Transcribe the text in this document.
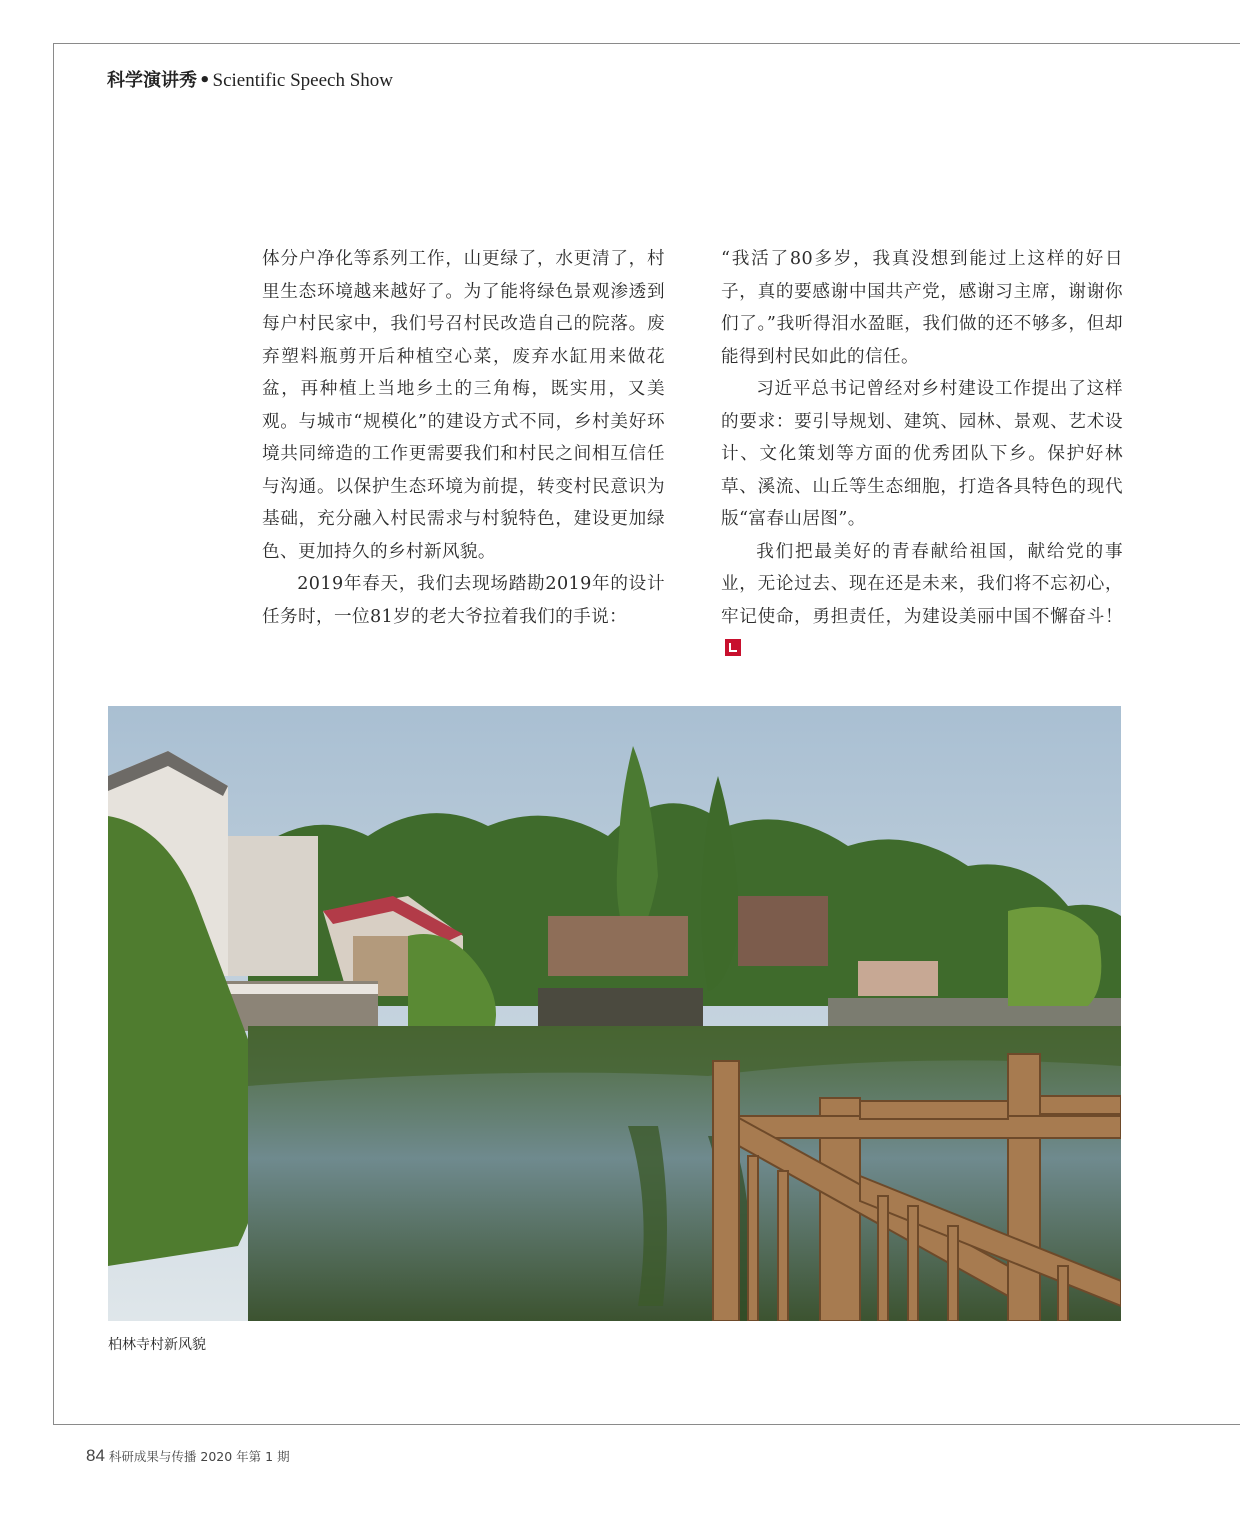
科学演讲秀 • Scientific Speech Show

体分户净化等系列工作，山更绿了，水更清了，村里生态环境越来越好了。为了能将绿色景观渗透到每户村民家中，我们号召村民改造自己的院落。废弃塑料瓶剪开后种植空心菜，废弃水缸用来做花盆，再种植上当地乡土的三角梅，既实用，又美观。与城市“规模化”的建设方式不同，乡村美好环境共同缔造的工作更需要我们和村民之间相互信任与沟通。以保护生态环境为前提，转变村民意识为基础，充分融入村民需求与村貌特色，建设更加绿色、更加持久的乡村新风貌。

2019年春天，我们去现场踏勘2019年的设计任务时，一位81岁的老大爷拉着我们的手说：

“我活了80多岁，我真没想到能过上这样的好日子，真的要感谢中国共产党，感谢习主席，谢谢你们了。”我听得泪水盈眶，我们做的还不够多，但却能得到村民如此的信任。

习近平总书记曾经对乡村建设工作提出了这样的要求：要引导规划、建筑、园林、景观、艺术设计、文化策划等方面的优秀团队下乡。保护好林草、溪流、山丘等生态细胞，打造各具特色的现代版“富春山居图”。

我们把最美好的青春献给祖国，献给党的事业，无论过去、现在还是未来，我们将不忘初心，牢记使命，勇担责任，为建设美丽中国不懈奋斗！

柏林寺村新风貌
84 科研成果与传播 2020 年第 1 期
